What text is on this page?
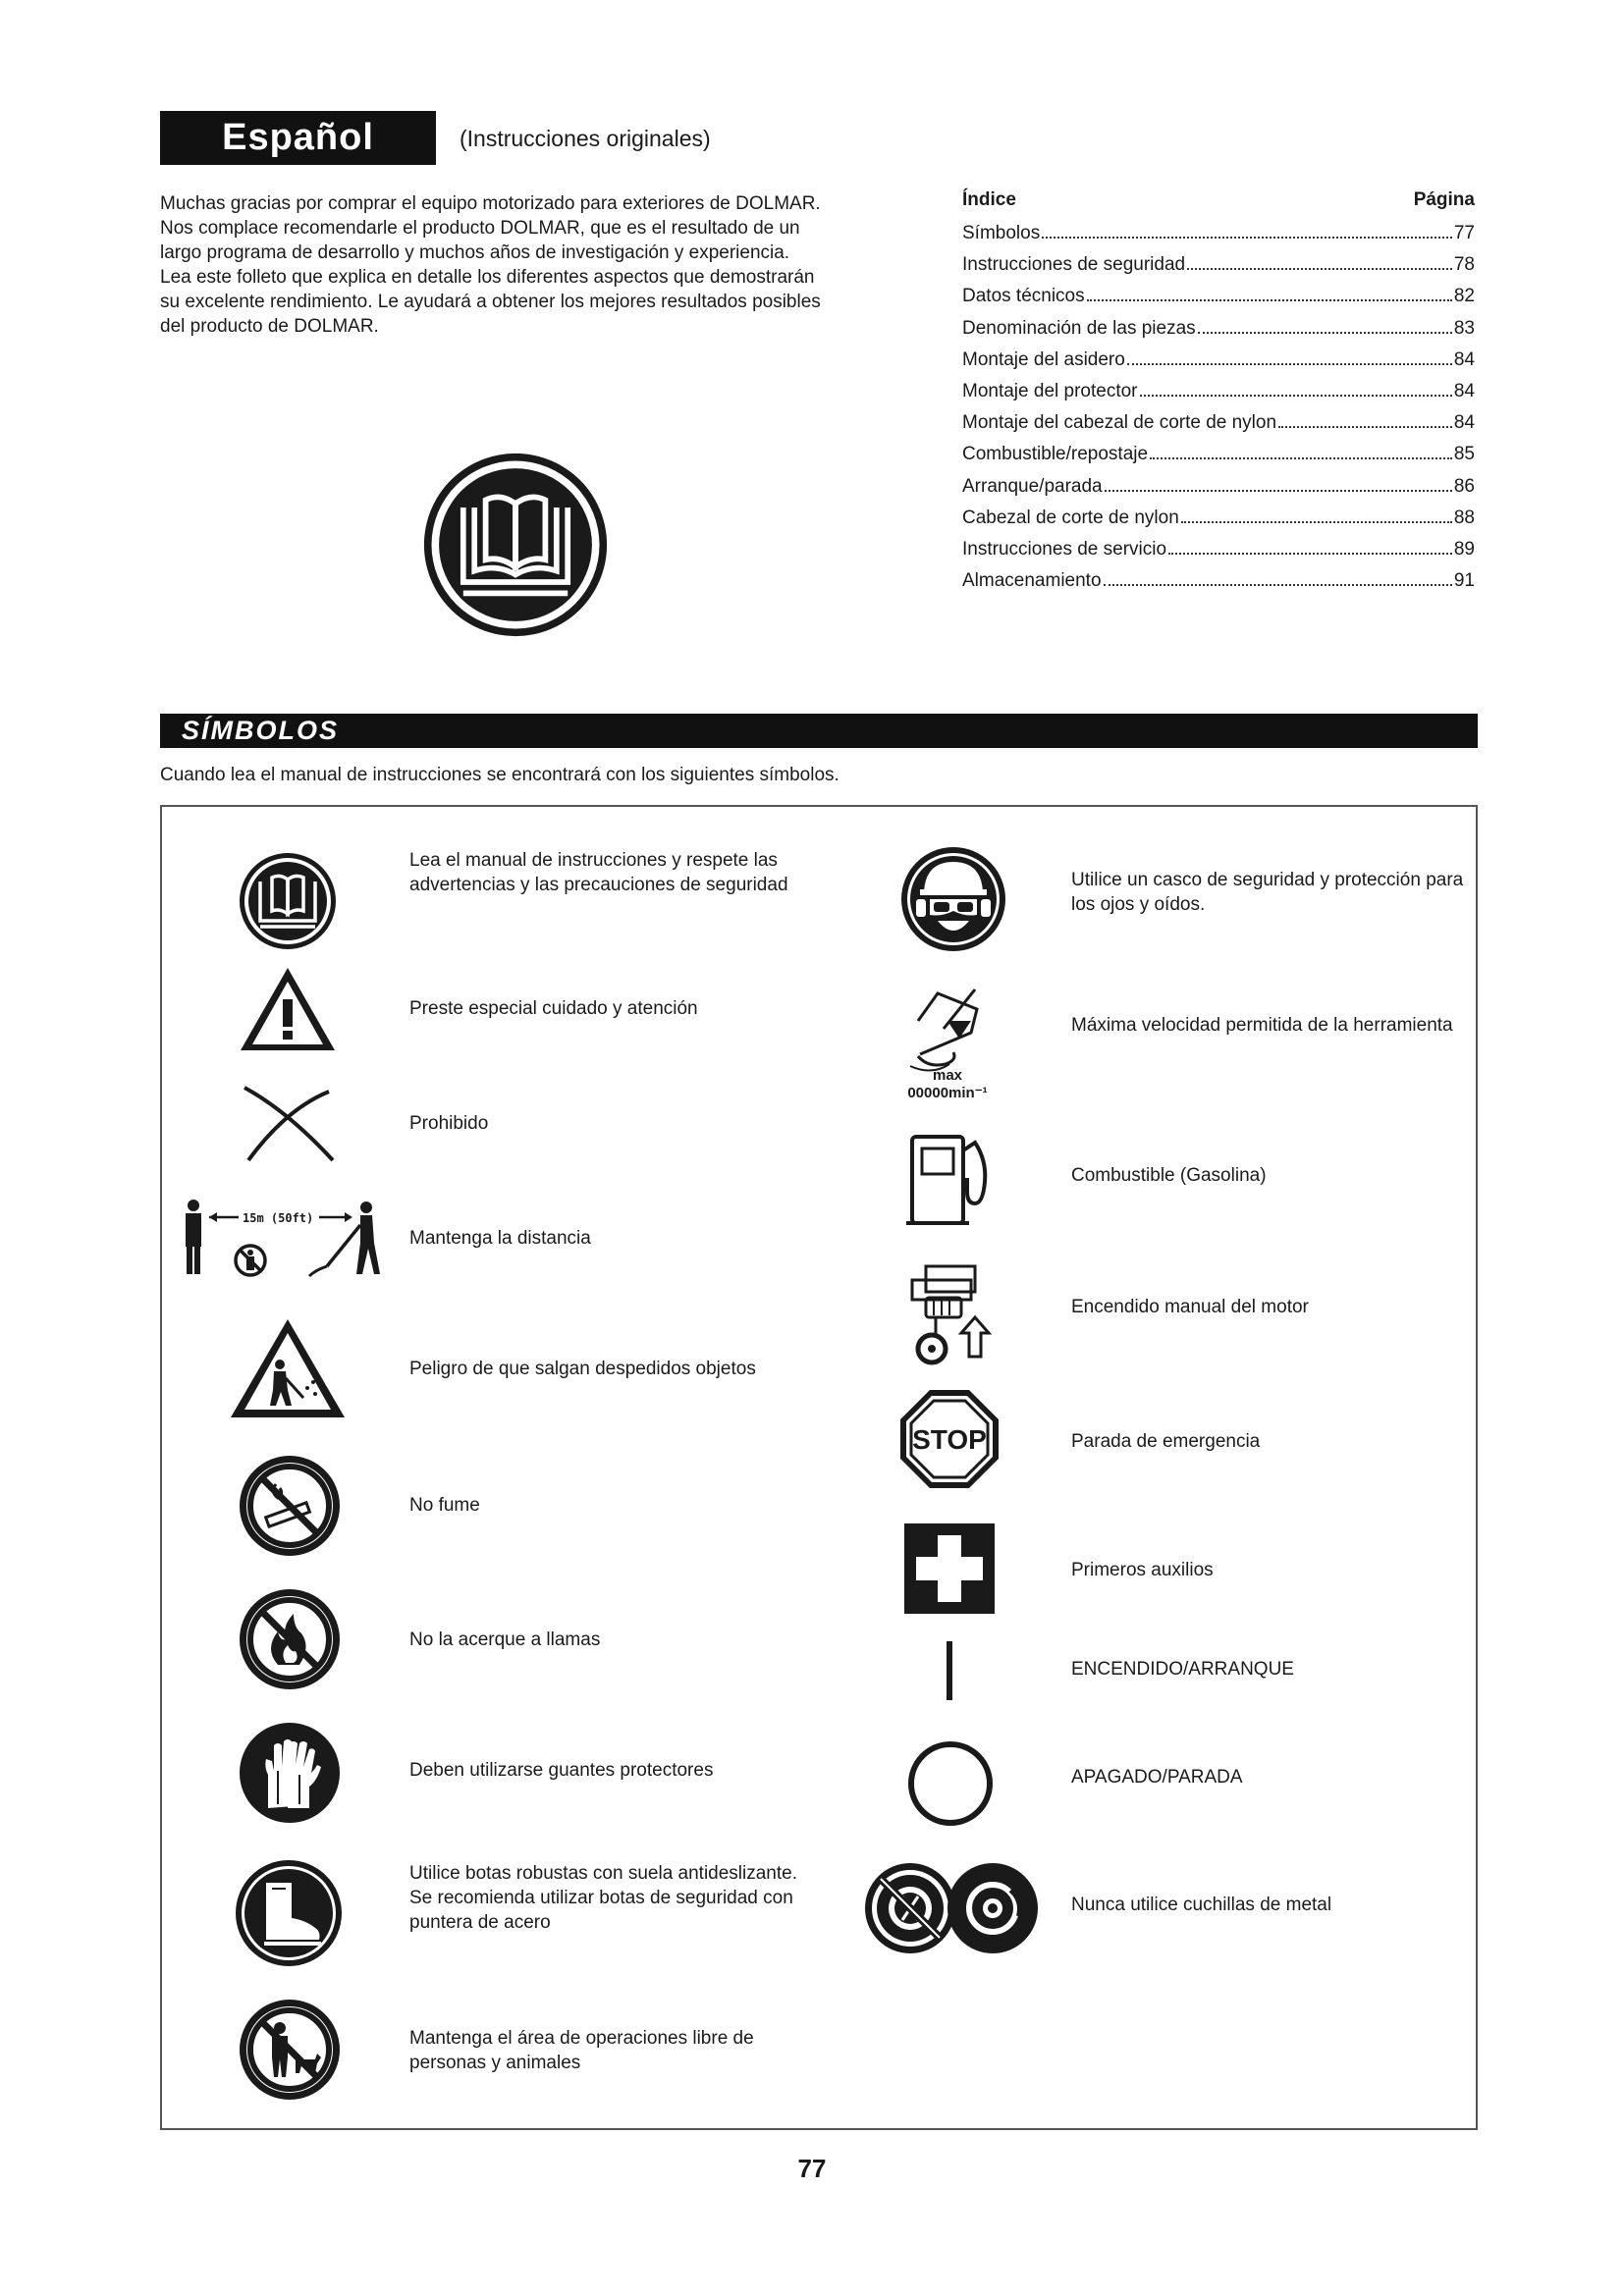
Español	(Instrucciones originales)

Muchas gracias por comprar el equipo motorizado para exteriores de DOLMAR.

Nos complace recomendarle el producto DOLMAR, que es el resultado de un

largo programa de desarrollo y muchos años de investigación y experiencia.

Lea este folleto que explica en detalle los diferentes aspectos que demostrarán

su excelente rendimiento. Le ayudará a obtener los mejores resultados posibles

del producto de DOLMAR.

Índice	Página
Símbolos	77
Instrucciones de seguridad	78
Datos técnicos	82
Denominación de las piezas	83
Montaje del asidero	84
Montaje del protector	84
Montaje del cabezal de corte de nylon	84
Combustible/repostaje	85
Arranque/parada	86
Cabezal de corte de nylon	88
Instrucciones de servicio	89
Almacenamiento	91
SÍMBOLOS
Cuando lea el manual de instrucciones se encontrará con los siguientes símbolos.
Lea el manual de instrucciones y respete las advertencias y las precauciones de seguridad
Preste especial cuidado y atención
Prohibido
15m (50ft)
Mantenga la distancia
Peligro de que salgan despedidos objetos
No fume
No la acerque a llamas
Deben utilizarse guantes protectores
Utilice botas robustas con suela antideslizante.
Se recomienda utilizar botas de seguridad con puntera de acero
Mantenga el área de operaciones libre de personas y animales
Utilice un casco de seguridad y protección para los ojos y oídos.
max
00000min⁻¹
Máxima velocidad permitida de la herramienta
Combustible (Gasolina)
Encendido manual del motor
STOP	Parada de emergencia
Primeros auxilios
ENCENDIDO/ARRANQUE
APAGADO/PARADA
Nunca utilice cuchillas de metal
77
